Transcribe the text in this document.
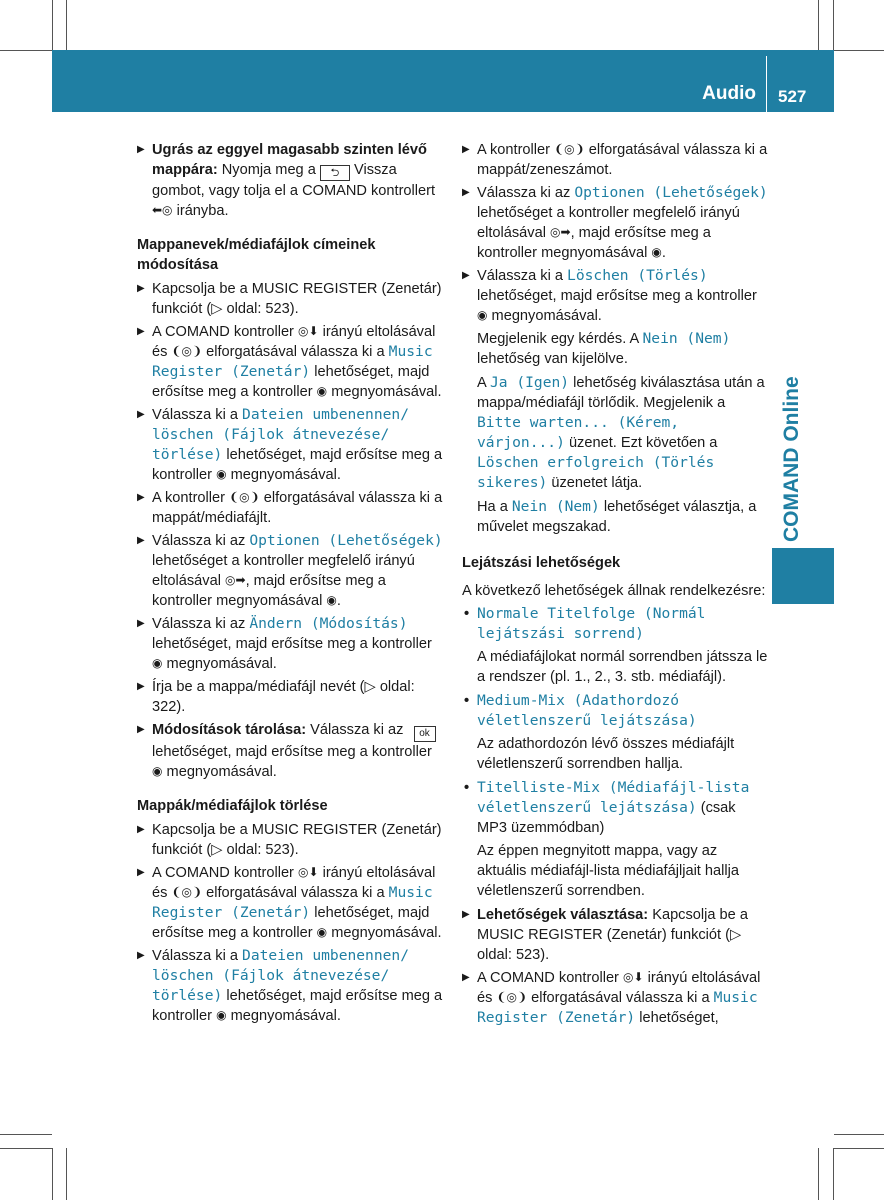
Audio 527
COMAND Online
▶ Ugrás az eggyel magasabb szinten lévő mappára: Nyomja meg a ⮌ Vissza gombot, vagy tolja el a COMAND kontrollert ⬅◎ irányba.
Mappanevek/médiafájlok címeinek módosítása
▶ Kapcsolja be a MUSIC REGISTER (Zenetár) funkciót (▷ oldal: 523).
▶ A COMAND kontroller ◎⬇ irányú eltolásával és ❨◎❩ elforgatásával válassza ki a Music Register (Zenetár) lehetőséget, majd erősítse meg a kontroller ◉ megnyomásával.
▶ Válassza ki a Dateien umbenennen/ löschen (Fájlok átnevezése/ törlése) lehetőséget, majd erősítse meg a kontroller ◉ megnyomásával.
▶ A kontroller ❨◎❩ elforgatásával válassza ki a mappát/médiafájlt.
▶ Válassza ki az Optionen (Lehetőségek) lehetőséget a kontroller megfelelő irányú eltolásával ◎➡, majd erősítse meg a kontroller megnyomásával ◉.
▶ Válassza ki az Ändern (Módosítás) lehetőséget, majd erősítse meg a kontroller ◉ megnyomásával.
▶ Írja be a mappa/médiafájl nevét (▷ oldal: 322).
▶ Módosítások tárolása: Válassza ki az ok lehetőséget, majd erősítse meg a kontroller ◉ megnyomásával.
Mappák/médiafájlok törlése
▶ Kapcsolja be a MUSIC REGISTER (Zenetár) funkciót (▷ oldal: 523).
▶ A COMAND kontroller ◎⬇ irányú eltolásával és ❨◎❩ elforgatásával válassza ki a Music Register (Zenetár) lehetőséget, majd erősítse meg a kontroller ◉ megnyomásával.
▶ Válassza ki a Dateien umbenennen/ löschen (Fájlok átnevezése/ törlése) lehetőséget, majd erősítse meg a kontroller ◉ megnyomásával.
▶ A kontroller ❨◎❩ elforgatásával válassza ki a mappát/zeneszámot.
▶ Válassza ki az Optionen (Lehetőségek) lehetőséget a kontroller megfelelő irányú eltolásával ◎➡, majd erősítse meg a kontroller megnyomásával ◉.
▶ Válassza ki a Löschen (Törlés) lehetőséget, majd erősítse meg a kontroller ◉ megnyomásával.
Megjelenik egy kérdés. A Nein (Nem) lehetőség van kijelölve.
A Ja (Igen) lehetőség kiválasztása után a mappa/médiafájl törlődik. Megjelenik a Bitte warten... (Kérem, várjon...) üzenet. Ezt követően a Löschen erfolgreich (Törlés sikeres) üzenetet látja.
Ha a Nein (Nem) lehetőséget választja, a művelet megszakad.
Lejátszási lehetőségek
A következő lehetőségek állnak rendelkezésre:
• Normale Titelfolge (Normál lejátszási sorrend)
A médiafájlokat normál sorrendben játssza le a rendszer (pl. 1., 2., 3. stb. médiafájl).
• Medium-Mix (Adathordozó véletlenszerű lejátszása)
Az adathordozón lévő összes médiafájlt véletlenszerű sorrendben hallja.
• Titelliste-Mix (Médiafájl-lista véletlenszerű lejátszása) (csak MP3 üzemmódban)
Az éppen megnyitott mappa, vagy az aktuális médiafájl-lista médiafájljait hallja véletlenszerű sorrendben.
▶ Lehetőségek választása: Kapcsolja be a MUSIC REGISTER (Zenetár) funkciót (▷ oldal: 523).
▶ A COMAND kontroller ◎⬇ irányú eltolásával és ❨◎❩ elforgatásával válassza ki a Music Register (Zenetár) lehetőséget,
